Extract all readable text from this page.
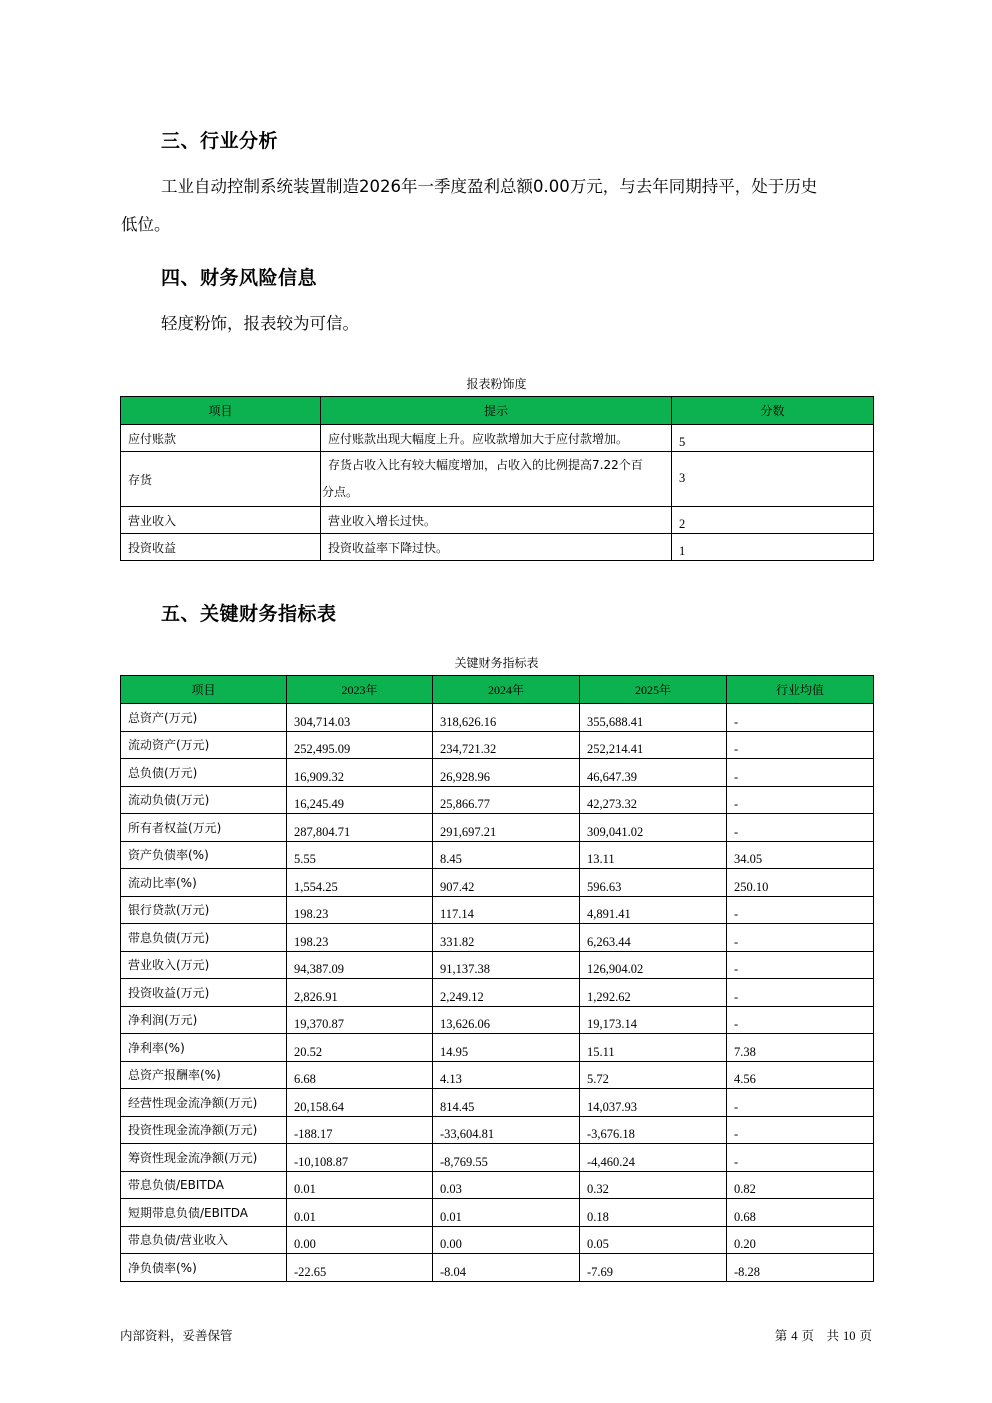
三、行业分析
工业自动控制系统装置制造2026年一季度盈利总额0.00万元，与去年同期持平，处于历史
低位。
四、财务风险信息
轻度粉饰，报表较为可信。
报表粉饰度
项目	提示	分数
应付账款	应付账款出现大幅度上升。应收款增加大于应付款增加。	5
存货	存货占收入比有较大幅度增加，占收入的比例提高7.22个百
分点。	3
营业收入	营业收入增长过快。	2
投资收益	投资收益率下降过快。	1
五、关键财务指标表
关键财务指标表
项目	2023年	2024年	2025年	行业均值
总资产(万元)	304,714.03	318,626.16	355,688.41	-
流动资产(万元)	252,495.09	234,721.32	252,214.41	-
总负债(万元)	16,909.32	26,928.96	46,647.39	-
流动负债(万元)	16,245.49	25,866.77	42,273.32	-
所有者权益(万元)	287,804.71	291,697.21	309,041.02	-
资产负债率(%)	5.55	8.45	13.11	34.05
流动比率(%)	1,554.25	907.42	596.63	250.10
银行贷款(万元)	198.23	117.14	4,891.41	-
带息负债(万元)	198.23	331.82	6,263.44	-
营业收入(万元)	94,387.09	91,137.38	126,904.02	-
投资收益(万元)	2,826.91	2,249.12	1,292.62	-
净利润(万元)	19,370.87	13,626.06	19,173.14	-
净利率(%)	20.52	14.95	15.11	7.38
总资产报酬率(%)	6.68	4.13	5.72	4.56
经营性现金流净额(万元)	20,158.64	814.45	14,037.93	-
投资性现金流净额(万元)	-188.17	-33,604.81	-3,676.18	-
筹资性现金流净额(万元)	-10,108.87	-8,769.55	-4,460.24	-
带息负债/EBITDA	0.01	0.03	0.32	0.82
短期带息负债/EBITDA	0.01	0.01	0.18	0.68
带息负债/营业收入	0.00	0.00	0.05	0.20
净负债率(%)	-22.65	-8.04	-7.69	-8.28
内部资料，妥善保管	第 4 页　共 10 页
